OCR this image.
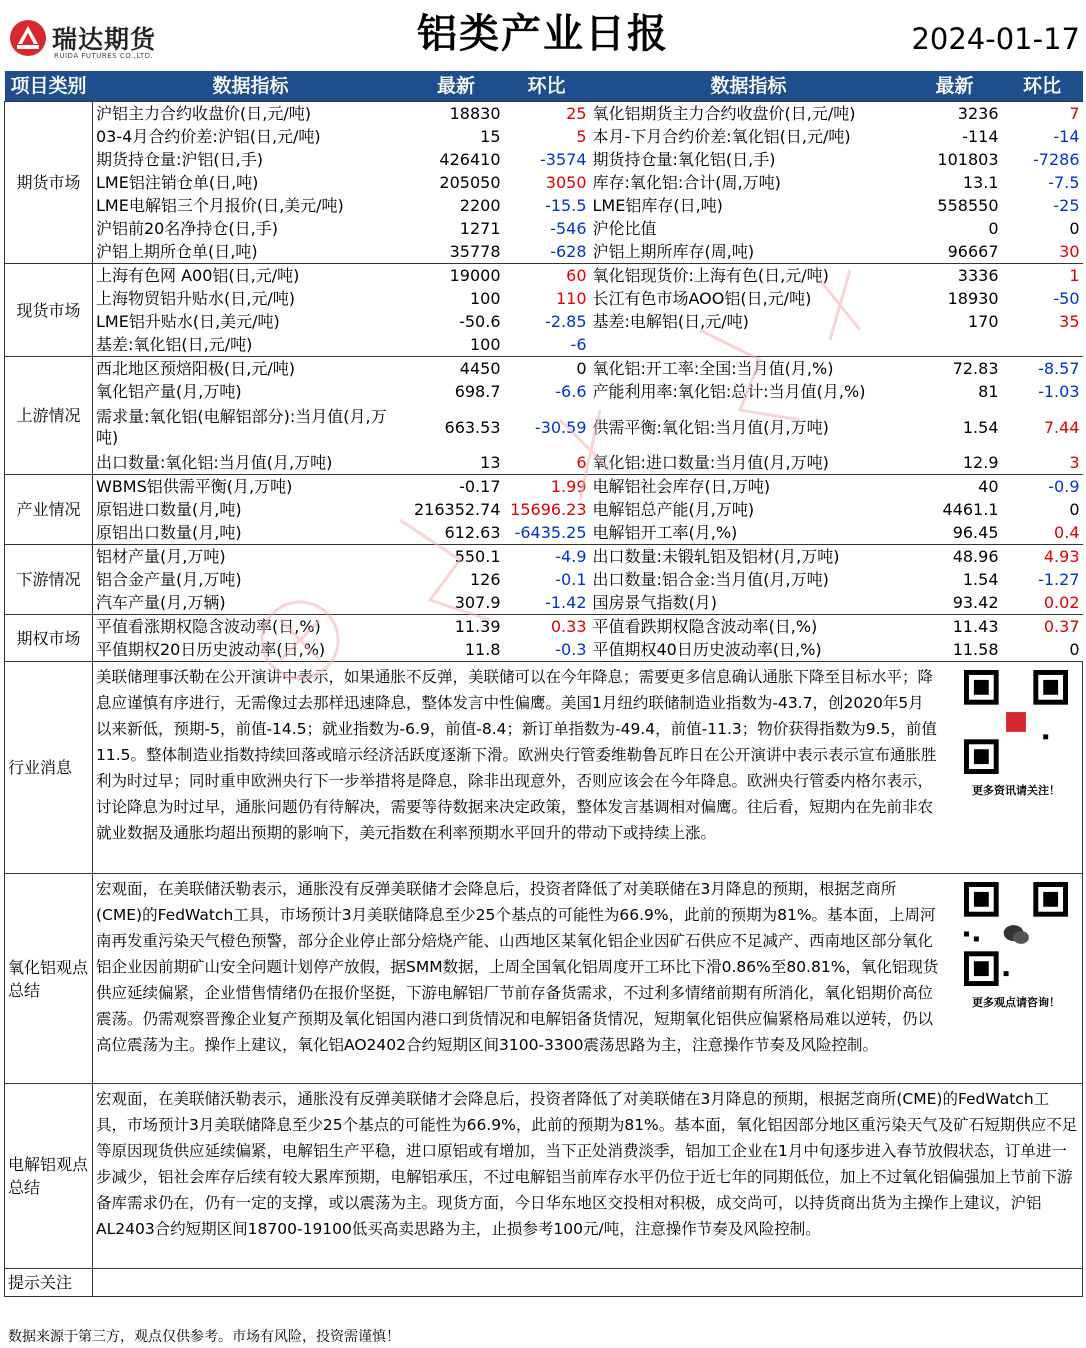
瑞达期货
RUIDA FUTURES CO.,LTD.	铝类产业日报	2024-01-17
项目类别	数据指标	最新	环比	数据指标	最新	环比
期货市场	沪铝主力合约收盘价(日,元/吨)	18830	25	氧化铝期货主力合约收盘价(日,元/吨)	3236	7
	03-4月合约价差:沪铝(日,元/吨)	15	5	本月-下月合约价差:氧化铝(日,元/吨)	-114	-14
	期货持仓量:沪铝(日,手)	426410	-3574	期货持仓量:氧化铝(日,手)	101803	-7286
	LME铝注销仓单(日,吨)	205050	3050	库存:氧化铝:合计(周,万吨)	13.1	-7.5
	LME电解铝三个月报价(日,美元/吨)	2200	-15.5	LME铝库存(日,吨)	558550	-25
	沪铝前20名净持仓(日,手)	1271	-546	沪伦比值	0	0
	沪铝上期所仓单(日,吨)	35778	-628	沪铝上期所库存(周,吨)	96667	30
现货市场	上海有色网 A00铝(日,元/吨)	19000	60	氧化铝现货价:上海有色(日,元/吨)	3336	1
	上海物贸铝升贴水(日,元/吨)	100	110	长江有色市场AOO铝(日,元/吨)	18930	-50
	LME铝升贴水(日,美元/吨)	-50.6	-2.85	基差:电解铝(日,元/吨)	170	35
	基差:氧化铝(日,元/吨)	100	-6			
上游情况	西北地区预焙阳极(日,元/吨)	4450	0	氧化铝:开工率:全国:当月值(月,%)	72.83	-8.57
	氧化铝产量(月,万吨)	698.7	-6.6	产能利用率:氧化铝:总计:当月值(月,%)	81	-1.03
	需求量:氧化铝(电解铝部分):当月值(月,万吨)	663.53	-30.59	供需平衡:氧化铝:当月值(月,万吨)	1.54	7.44
	出口数量:氧化铝:当月值(月,万吨)	13	6	氧化铝:进口数量:当月值(月,万吨)	12.9	3
产业情况	WBMS铝供需平衡(月,万吨)	-0.17	1.99	电解铝社会库存(日,万吨)	40	-0.9
	原铝进口数量(月,吨)	216352.74	15696.23	电解铝总产能(月,万吨)	4461.1	0
	原铝出口数量(月,吨)	612.63	-6435.25	电解铝开工率(月,%)	96.45	0.4
下游情况	铝材产量(月,万吨)	550.1	-4.9	出口数量:未锻轧铝及铝材(月,万吨)	48.96	4.93
	铝合金产量(月,万吨)	126	-0.1	出口数量:铝合金:当月值(月,万吨)	1.54	-1.27
	汽车产量(月,万辆)	307.9	-1.42	国房景气指数(月)	93.42	0.02
期权市场	平值看涨期权隐含波动率(日,%)	11.39	0.33	平值看跌期权隐含波动率(日,%)	11.43	0.37
	平值期权20日历史波动率(日,%)	11.8	-0.3	平值期权40日历史波动率(日,%)	11.58	0
行业消息	美联储理事沃勒在公开演讲中表示，如果通胀不反弹，美联储可以在今年降息；需要更多信息确认通胀下降至目标水平；降息应谨慎有序进行，无需像过去那样迅速降息，整体发言中性偏鹰。美国1月纽约联储制造业指数为-43.7，创2020年5月以来新低，预期-5，前值-14.5；就业指数为-6.9，前值-8.4；新订单指数为-49.4，前值-11.3；物价获得指数为9.5，前值11.5。整体制造业指数持续回落或暗示经济活跃度逐渐下滑。欧洲央行管委维勒鲁瓦昨日在公开演讲中表示表示宣布通胀胜利为时过早；同时重申欧洲央行下一步举措将是降息，除非出现意外，否则应该会在今年降息。欧洲央行管委内格尔表示，讨论降息为时过早，通胀问题仍有待解决，需要等待数据来决定政策，整体发言基调相对偏鹰。往后看，短期内在先前非农就业数据及通胀均超出预期的影响下，美元指数在利率预期水平回升的带动下或持续上涨。
更多资讯请关注！					

氧化铝观点总结	宏观面，在美联储沃勒表示，通胀没有反弹美联储才会降息后，投资者降低了对美联储在3月降息的预期，根据芝商所(CME)的FedWatch工具，市场预计3月美联储降息至少25个基点的可能性为66.9%，此前的预期为81%。基本面，上周河南再发重污染天气橙色预警，部分企业停止部分焙烧产能、山西地区某氧化铝企业因矿石供应不足减产、西南地区部分氧化铝企业因前期矿山安全问题计划停产放假，据SMM数据，上周全国氧化铝周度开工环比下滑0.86%至80.81%，氧化铝现货供应延续偏紧，企业惜售情绪仍在报价坚挺，下游电解铝厂节前存备货需求，不过利多情绪前期有所消化，氧化铝期价高位震荡。仍需观察晋豫企业复产预期及氧化铝国内港口到货情况和电解铝备货情况，短期氧化铝供应偏紧格局难以逆转，仍以高位震荡为主。操作上建议，氧化铝AO2402合约短期区间3100-3300震荡思路为主，注意操作节奏及风险控制。
更多观点请咨询！					

电解铝观点总结	宏观面，在美联储沃勒表示，通胀没有反弹美联储才会降息后，投资者降低了对美联储在3月降息的预期，根据芝商所(CME)的FedWatch工具，市场预计3月美联储降息至少25个基点的可能性为66.9%，此前的预期为81%。基本面，氧化铝因部分地区重污染天气及矿石短期供应不足等原因现货供应延续偏紧，电解铝生产平稳，进口原铝或有增加，当下正处消费淡季，铝加工企业在1月中旬逐步进入春节放假状态，订单进一步减少，铝社会库存后续有较大累库预期，电解铝承压，不过电解铝当前库存水平仍位于近七年的同期低位，加上不过氧化铝偏强加上节前下游备库需求仍在，仍有一定的支撑，或以震荡为主。现货方面，今日华东地区交投相对积极，成交尚可，以持货商出货为主操作上建议，沪铝AL2403合约短期区间18700-19100低买高卖思路为主，止损参考100元/吨，注意操作节奏及风险控制。					

提示关注						
数据来源于第三方，观点仅供参考。市场有风险，投资需谨慎！
